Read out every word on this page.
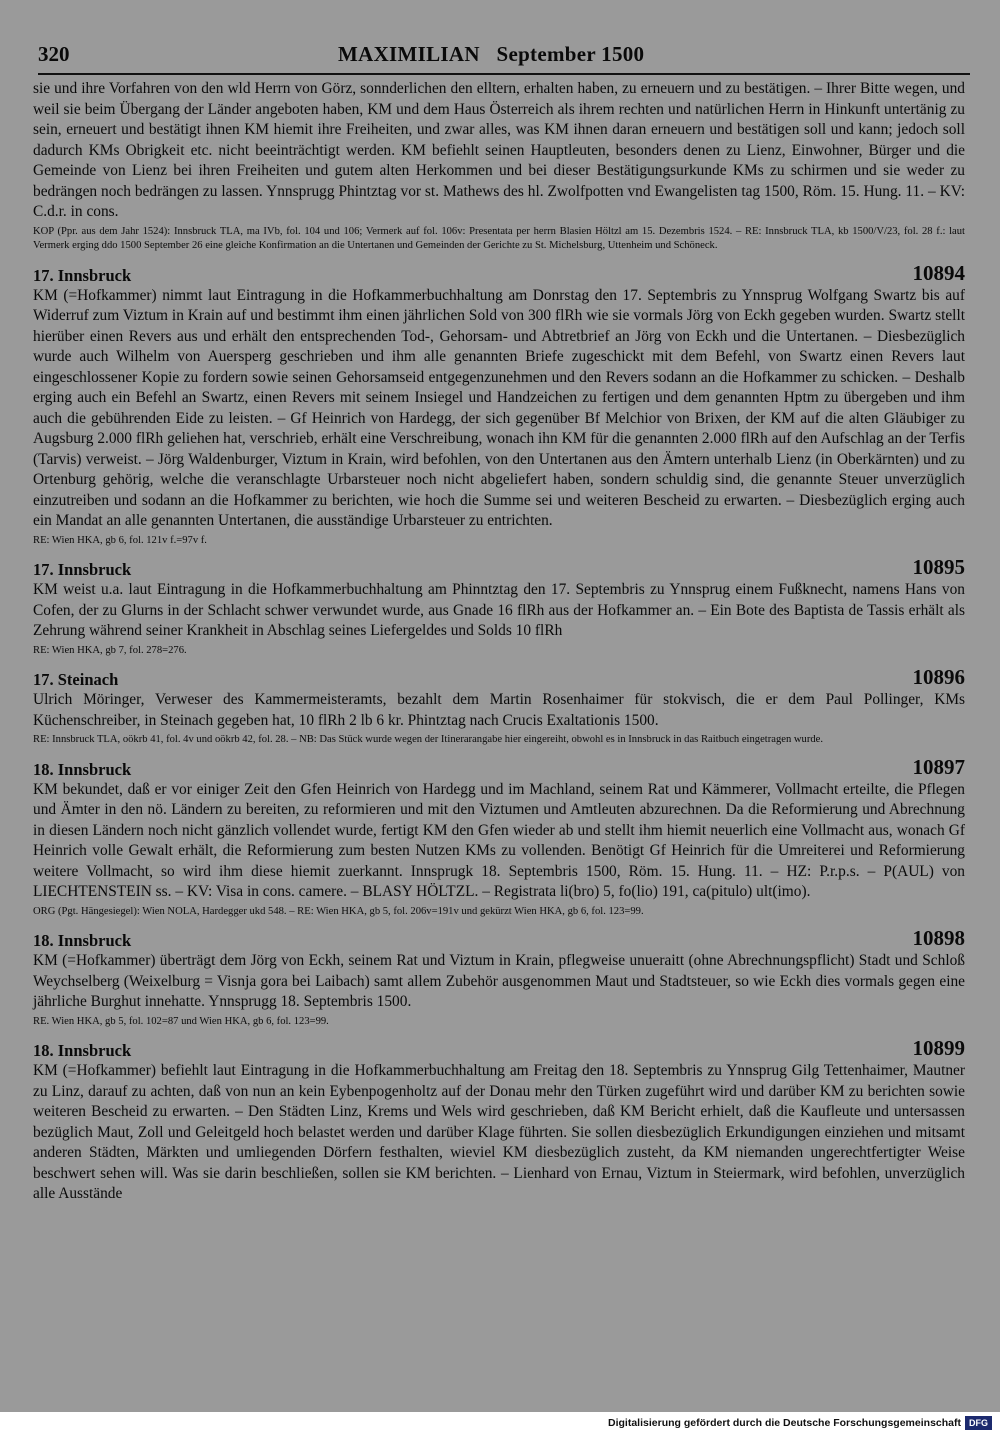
320	MAXIMILIAN   September 1500

sie und ihre Vorfahren von den wld Herrn von Görz, sonnderlichen den elltern, erhalten haben, zu erneuern und zu bestätigen. – Ihrer Bitte wegen, und weil sie beim Übergang der Länder angeboten haben, KM und dem Haus Österreich als ihrem rechten und natürlichen Herrn in Hinkunft untertänig zu sein, erneuert und bestätigt ihnen KM hiemit ihre Freiheiten, und zwar alles, was KM ihnen daran erneuern und bestätigen soll und kann; jedoch soll dadurch KMs Obrigkeit etc. nicht beeinträchtigt werden. KM befiehlt seinen Hauptleuten, besonders denen zu Lienz, Einwohner, Bürger und die Gemeinde von Lienz bei ihren Freiheiten und gutem alten Herkommen und bei dieser Bestätigungsurkunde KMs zu schirmen und sie weder zu bedrängen noch bedrängen zu lassen. Ynnsprugg Phintztag vor st. Mathews des hl. Zwolfpotten vnd Ewangelisten tag 1500, Röm. 15. Hung. 11. – KV: C.d.r. in cons.

KOP (Ppr. aus dem Jahr 1524): Innsbruck TLA, ma IVb, fol. 104 und 106; Vermerk auf fol. 106v: Presentata per herrn Blasien Höltzl am 15. Dezembris 1524. – RE: Innsbruck TLA, kb 1500/V/23, fol. 28 f.: laut Vermerk erging ddo 1500 September 26 eine gleiche Konfirmation an die Untertanen und Gemeinden der Gerichte zu St. Michelsburg, Uttenheim und Schöneck.

17. Innsbruck	10894

KM (=Hofkammer) nimmt laut Eintragung in die Hofkammerbuchhaltung am Donrstag den 17. Septembris zu Ynnsprug Wolfgang Swartz bis auf Widerruf zum Viztum in Krain auf und bestimmt ihm einen jährlichen Sold von 300 flRh wie sie vormals Jörg von Eckh gegeben wurden. Swartz stellt hierüber einen Revers aus und erhält den entsprechenden Tod-, Gehorsam- und Abtretbrief an Jörg von Eckh und die Untertanen. – Diesbezüglich wurde auch Wilhelm von Auersperg geschrieben und ihm alle genannten Briefe zugeschickt mit dem Befehl, von Swartz einen Revers laut eingeschlossener Kopie zu fordern sowie seinen Gehorsamseid entgegenzunehmen und den Revers sodann an die Hofkammer zu schicken. – Deshalb erging auch ein Befehl an Swartz, einen Revers mit seinem Insiegel und Handzeichen zu fertigen und dem genannten Hptm zu übergeben und ihm auch die gebührenden Eide zu leisten. – Gf Heinrich von Hardegg, der sich gegenüber Bf Melchior von Brixen, der KM auf die alten Gläubiger zu Augsburg 2.000 flRh geliehen hat, verschrieb, erhält eine Verschreibung, wonach ihn KM für die genannten 2.000 flRh auf den Aufschlag an der Terfis (Tarvis) verweist. – Jörg Waldenburger, Viztum in Krain, wird befohlen, von den Untertanen aus den Ämtern unterhalb Lienz (in Oberkärnten) und zu Ortenburg gehörig, welche die veranschlagte Urbarsteuer noch nicht abgeliefert haben, sondern schuldig sind, die genannte Steuer unverzüglich einzutreiben und sodann an die Hofkammer zu berichten, wie hoch die Summe sei und weiteren Bescheid zu erwarten. – Diesbezüglich erging auch ein Mandat an alle genannten Untertanen, die ausständige Urbarsteuer zu entrichten.

RE: Wien HKA, gb 6, fol. 121v f.=97v f.

17. Innsbruck	10895

KM weist u.a. laut Eintragung in die Hofkammerbuchhaltung am Phinntztag den 17. Septembris zu Ynnsprug einem Fußknecht, namens Hans von Cofen, der zu Glurns in der Schlacht schwer verwundet wurde, aus Gnade 16 flRh aus der Hofkammer an. – Ein Bote des Baptista de Tassis erhält als Zehrung während seiner Krankheit in Abschlag seines Liefergeldes und Solds 10 flRh

RE: Wien HKA, gb 7, fol. 278=276.

17. Steinach	10896

Ulrich Möringer, Verweser des Kammermeisteramts, bezahlt dem Martin Rosenhaimer für stokvisch, die er dem Paul Pollinger, KMs Küchenschreiber, in Steinach gegeben hat, 10 flRh 2 lb 6 kr. Phintztag nach Crucis Exaltationis 1500.

RE: Innsbruck TLA, oökrb 41, fol. 4v und oökrb 42, fol. 28. – NB: Das Stück wurde wegen der Itinerarangabe hier eingereiht, obwohl es in Innsbruck in das Raitbuch eingetragen wurde.

18. Innsbruck	10897

KM bekundet, daß er vor einiger Zeit den Gfen Heinrich von Hardegg und im Machland, seinem Rat und Kämmerer, Vollmacht erteilte, die Pflegen und Ämter in den nö. Ländern zu bereiten, zu reformieren und mit den Viztumen und Amtleuten abzurechnen. Da die Reformierung und Abrechnung in diesen Ländern noch nicht gänzlich vollendet wurde, fertigt KM den Gfen wieder ab und stellt ihm hiemit neuerlich eine Vollmacht aus, wonach Gf Heinrich volle Gewalt erhält, die Reformierung zum besten Nutzen KMs zu vollenden. Benötigt Gf Heinrich für die Umreiterei und Reformierung weitere Vollmacht, so wird ihm diese hiemit zuerkannt. Innsprugk 18. Septembris 1500, Röm. 15. Hung. 11. – HZ: P.r.p.s. – P(AUL) von LIECHTENSTEIN ss. – KV: Visa in cons. camere. – BLASY HÖLTZL. – Registrata li(bro) 5, fo(lio) 191, ca(pitulo) ult(imo).

ORG (Pgt. Hängesiegel): Wien NOLA, Hardegger ukd 548. – RE: Wien HKA, gb 5, fol. 206v=191v und gekürzt Wien HKA, gb 6, fol. 123=99.

18. Innsbruck	10898

KM (=Hofkammer) überträgt dem Jörg von Eckh, seinem Rat und Viztum in Krain, pflegweise unueraitt (ohne Abrechnungspflicht) Stadt und Schloß Weychselberg (Weixelburg = Visnja gora bei Laibach) samt allem Zubehör ausgenommen Maut und Stadtsteuer, so wie Eckh dies vormals gegen eine jährliche Burghut innehatte. Ynnsprugg 18. Septembris 1500.

RE. Wien HKA, gb 5, fol. 102=87 und Wien HKA, gb 6, fol. 123=99.

18. Innsbruck	10899

KM (=Hofkammer) befiehlt laut Eintragung in die Hofkammerbuchhaltung am Freitag den 18. Septembris zu Ynnsprug Gilg Tettenhaimer, Mautner zu Linz, darauf zu achten, daß von nun an kein Eybenpogenholtz auf der Donau mehr den Türken zugeführt wird und darüber KM zu berichten sowie weiteren Bescheid zu erwarten. – Den Städten Linz, Krems und Wels wird geschrieben, daß KM Bericht erhielt, daß die Kaufleute und untersassen bezüglich Maut, Zoll und Geleitgeld hoch belastet werden und darüber Klage führten. Sie sollen diesbezüglich Erkundigungen einziehen und mitsamt anderen Städten, Märkten und umliegenden Dörfern festhalten, wieviel KM diesbezüglich zusteht, da KM niemanden ungerechtfertigter Weise beschwert sehen will. Was sie darin beschließen, sollen sie KM berichten. – Lienhard von Ernau, Viztum in Steiermark, wird befohlen, unverzüglich alle Ausstände

Digitalisierung gefördert durch die Deutsche Forschungsgemeinschaft DFG
